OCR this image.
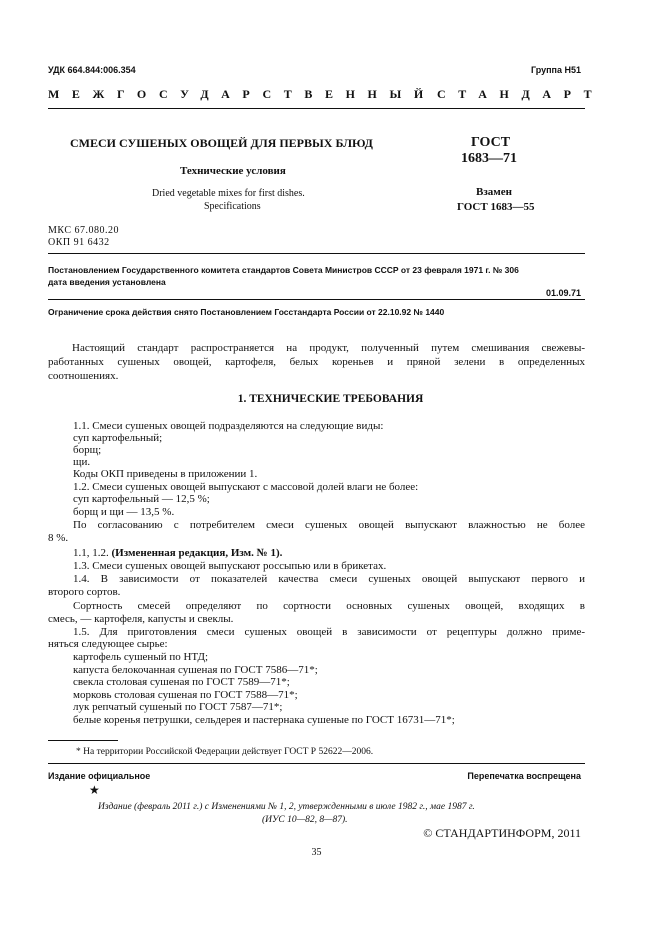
УДК 664.844:006.354	Группа Н51
МЕЖГОСУДАРСТВЕННЫЙ СТАНДАРТ
СМЕСИ СУШЕНЫХ ОВОЩЕЙ ДЛЯ ПЕРВЫХ БЛЮД
Технические условия
Dried vegetable mixes for first dishes.
Specifications
ГОСТ
1683—71
Взамен
ГОСТ 1683—55
МКС 67.080.20
ОКП 91 6432
Постановлением Государственного комитета стандартов Совета Министров СССР от 23 февраля 1971 г. № 306
дата введения установлена
01.09.71
Ограничение срока действия снято Постановлением Госстандарта России от 22.10.92 № 1440
Настоящий стандарт распространяется на продукт, полученный путем смешивания свежевы-
работанных сушеных овощей, картофеля, белых кореньев и пряной зелени в определенных
соотношениях.
1. ТЕХНИЧЕСКИЕ ТРЕБОВАНИЯ
1.1. Смеси сушеных овощей подразделяются на следующие виды:
суп картофельный;
борщ;
щи.
Коды ОКП приведены в приложении 1.
1.2. Смеси сушеных овощей выпускают с массовой долей влаги не более:
суп картофельный — 12,5 %;
борщ и щи — 13,5 %.
По согласованию с потребителем смеси сушеных овощей выпускают влажностью не более
8 %.
1.1, 1.2. (Измененная редакция, Изм. № 1).
1.3. Смеси сушеных овощей выпускают россыпью или в брикетах.
1.4. В зависимости от показателей качества смеси сушеных овощей выпускают первого и
второго сортов.
Сортность смесей определяют по сортности основных сушеных овощей, входящих в
смесь, — картофеля, капусты и свеклы.
1.5. Для приготовления смеси сушеных овощей в зависимости от рецептуры должно приме-
няться следующее сырье:
картофель сушеный по НТД;
капуста белокочанная сушеная по ГОСТ 7586—71*;
свекла столовая сушеная по ГОСТ 7589—71*;
морковь столовая сушеная по ГОСТ 7588—71*;
лук репчатый сушеный по ГОСТ 7587—71*;
белые коренья петрушки, сельдерея и пастернака сушеные по ГОСТ 16731—71*;
* На территории Российской Федерации действует ГОСТ Р 52622—2006.
Издание официальное	Перепечатка воспрещена
★
Издание (февраль 2011 г.) с Изменениями № 1, 2, утвержденными в июле 1982 г., мае 1987 г.
(ИУС 10—82, 8—87).
© СТАНДАРТИНФОРМ, 2011
35
